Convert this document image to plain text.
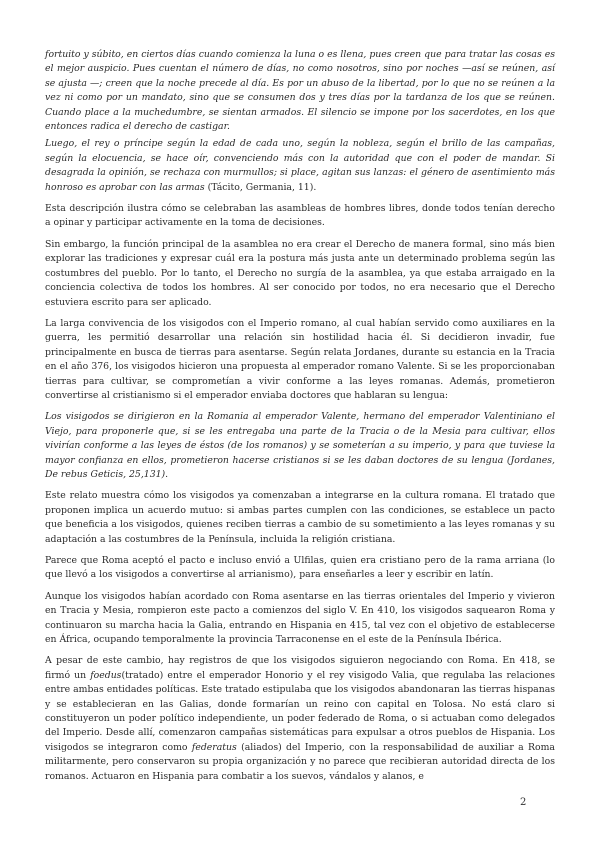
fortuito y súbito, en ciertos días cuando comienza la luna o es llena, pues creen que para tratar las cosas es el mejor auspicio. Pues cuentan el número de días, no como nosotros, sino por noches —así se reúnen, así se ajusta —; creen que la noche precede al día. Es por un abuso de la libertad, por lo que no se reúnen a la vez ni como por un mandato, sino que se consumen dos y tres días por la tardanza de los que se reúnen. Cuando place a la muchedumbre, se sientan armados. El silencio se impone por los sacerdotes, en los que entonces radica el derecho de castigar.

Luego, el rey o príncipe según la edad de cada uno, según la nobleza, según el brillo de las campañas, según la elocuencia, se hace oír, convenciendo más con la autoridad que con el poder de mandar. Si desagrada la opinión, se rechaza con murmullos; si place, agitan sus lanzas: el género de asentimiento más honroso es aprobar con las armas (Tácito, Germania, 11).

Esta descripción ilustra cómo se celebraban las asambleas de hombres libres, donde todos tenían derecho a opinar y participar activamente en la toma de decisiones.

Sin embargo, la función principal de la asamblea no era crear el Derecho de manera formal, sino más bien explorar las tradiciones y expresar cuál era la postura más justa ante un determinado problema según las costumbres del pueblo. Por lo tanto, el Derecho no surgía de la asamblea, ya que estaba arraigado en la conciencia colectiva de todos los hombres. Al ser conocido por todos, no era necesario que el Derecho estuviera escrito para ser aplicado.

La larga convivencia de los visigodos con el Imperio romano, al cual habían servido como auxiliares en la guerra, les permitió desarrollar una relación sin hostilidad hacia él. Si decidieron invadir, fue principalmente en busca de tierras para asentarse. Según relata Jordanes, durante su estancia en la Tracia en el año 376, los visigodos hicieron una propuesta al emperador romano Valente. Si se les proporcionaban tierras para cultivar, se comprometían a vivir conforme a las leyes romanas. Además, prometieron convertirse al cristianismo si el emperador enviaba doctores que hablaran su lengua:

Los visigodos se dirigieron en la Romania al emperador Valente, hermano del emperador Valentiniano el Viejo, para proponerle que, si se les entregaba una parte de la Tracia o de la Mesia para cultivar, ellos vivirían conforme a las leyes de éstos (de los romanos) y se someterían a su imperio, y para que tuviese la mayor confianza en ellos, prometieron hacerse cristianos si se les daban doctores de su lengua (Jordanes, De rebus Geticis, 25,131).

Este relato muestra cómo los visigodos ya comenzaban a integrarse en la cultura romana. El tratado que proponen implica un acuerdo mutuo: si ambas partes cumplen con las condiciones, se establece un pacto que beneficia a los visigodos, quienes reciben tierras a cambio de su sometimiento a las leyes romanas y su adaptación a las costumbres de la Península, incluida la religión cristiana.

Parece que Roma aceptó el pacto e incluso envió a Ulfilas, quien era cristiano pero de la rama arriana (lo que llevó a los visigodos a convertirse al arrianismo), para enseñarles a leer y escribir en latín.

Aunque los visigodos habían acordado con Roma asentarse en las tierras orientales del Imperio y vivieron en Tracia y Mesia, rompieron este pacto a comienzos del siglo V. En 410, los visigodos saquearon Roma y continuaron su marcha hacia la Galia, entrando en Hispania en 415, tal vez con el objetivo de establecerse en África, ocupando temporalmente la provincia Tarraconense en el este de la Península Ibérica.

A pesar de este cambio, hay registros de que los visigodos siguieron negociando con Roma. En 418, se firmó un foedus(tratado) entre el emperador Honorio y el rey visigodo Valia, que regulaba las relaciones entre ambas entidades políticas. Este tratado estipulaba que los visigodos abandonaran las tierras hispanas y se establecieran en las Galias, donde formarían un reino con capital en Tolosa. No está claro si constituyeron un poder político independiente, un poder federado de Roma, o si actuaban como delegados del Imperio. Desde allí, comenzaron campañas sistemáticas para expulsar a otros pueblos de Hispania. Los visigodos se integraron como federatus (aliados) del Imperio, con la responsabilidad de auxiliar a Roma militarmente, pero conservaron su propia organización y no parece que recibieran autoridad directa de los romanos. Actuaron en Hispania para combatir a los suevos, vándalos y alanos, e

2
